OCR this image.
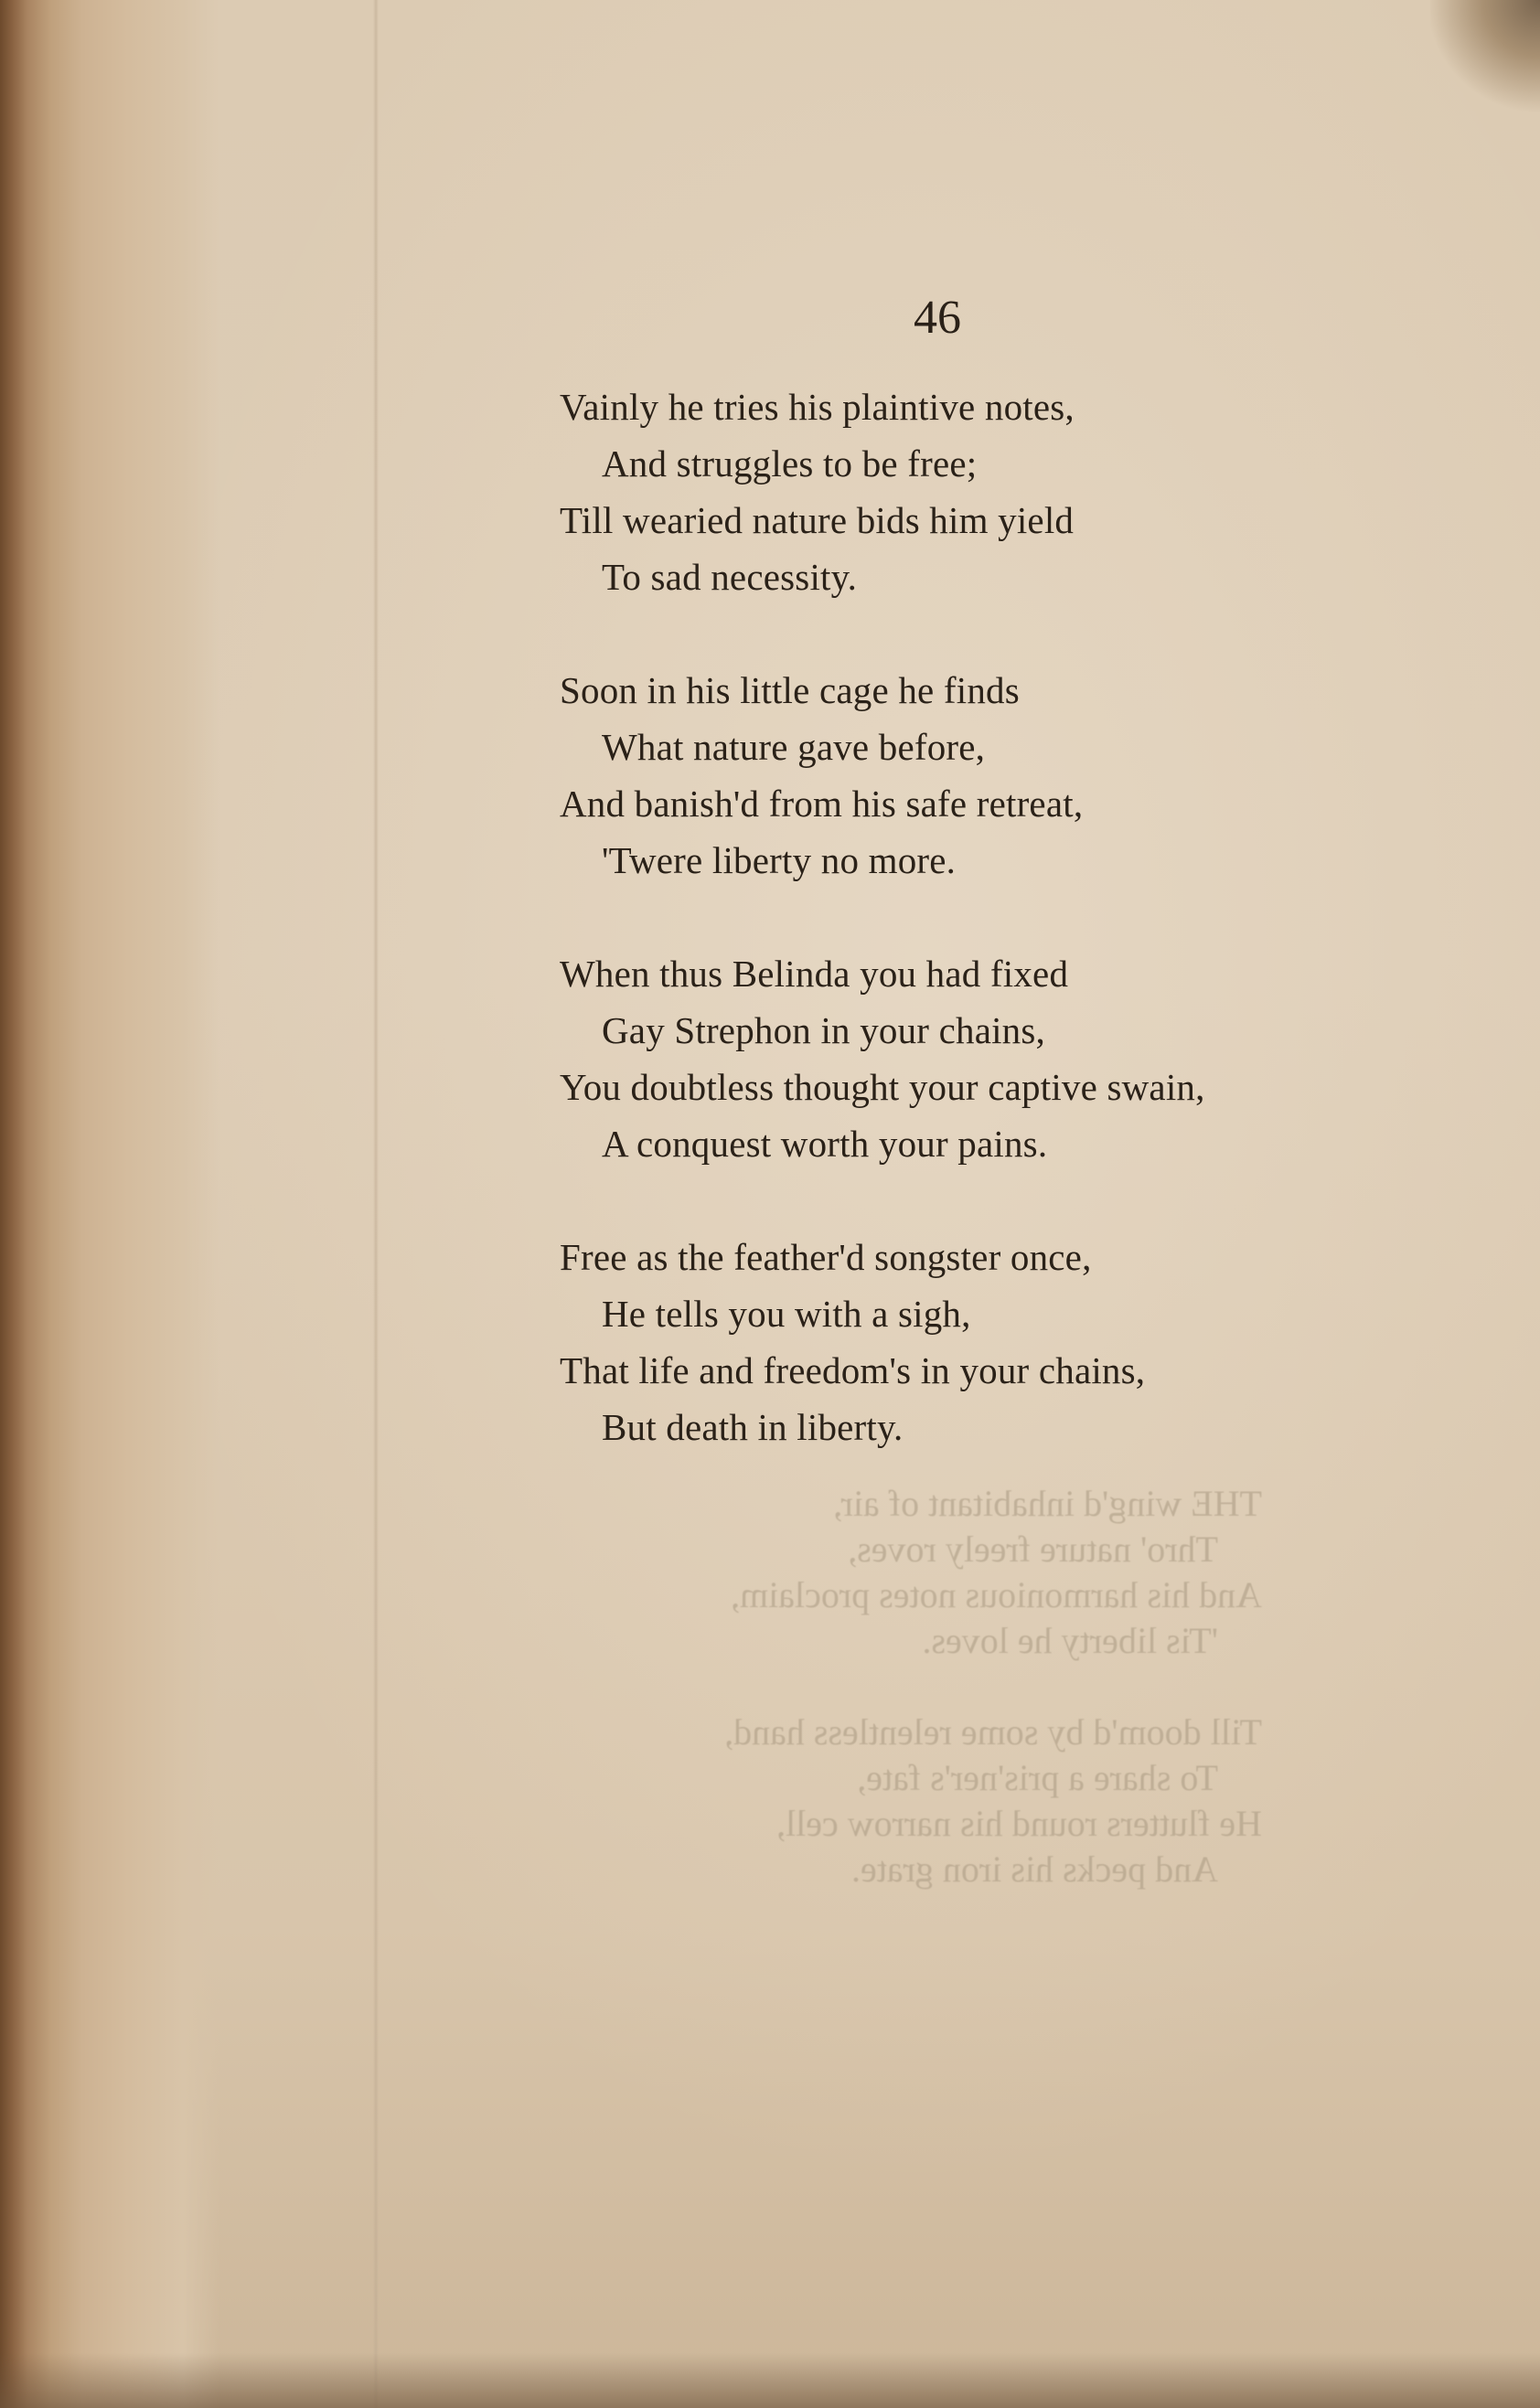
THE wing'd inhabitant of air,
Thro' nature freely roves,
And his harmonious notes proclaim,
'Tis liberty he loves.

Till doom'd by some relentless hand,
To share a pris'ner's fate,
He flutters round his narrow cell,
And pecks his iron grate.
46
Vainly he tries his plaintive notes,
And struggles to be free;
Till wearied nature bids him yield
To sad necessity.
Soon in his little cage he finds
What nature gave before,
And banish'd from his safe retreat,
'Twere liberty no more.
When thus Belinda you had fixed
Gay Strephon in your chains,
You doubtless thought your captive swain,
A conquest worth your pains.
Free as the feather'd songster once,
He tells you with a sigh,
That life and freedom's in your chains,
But death in liberty.
